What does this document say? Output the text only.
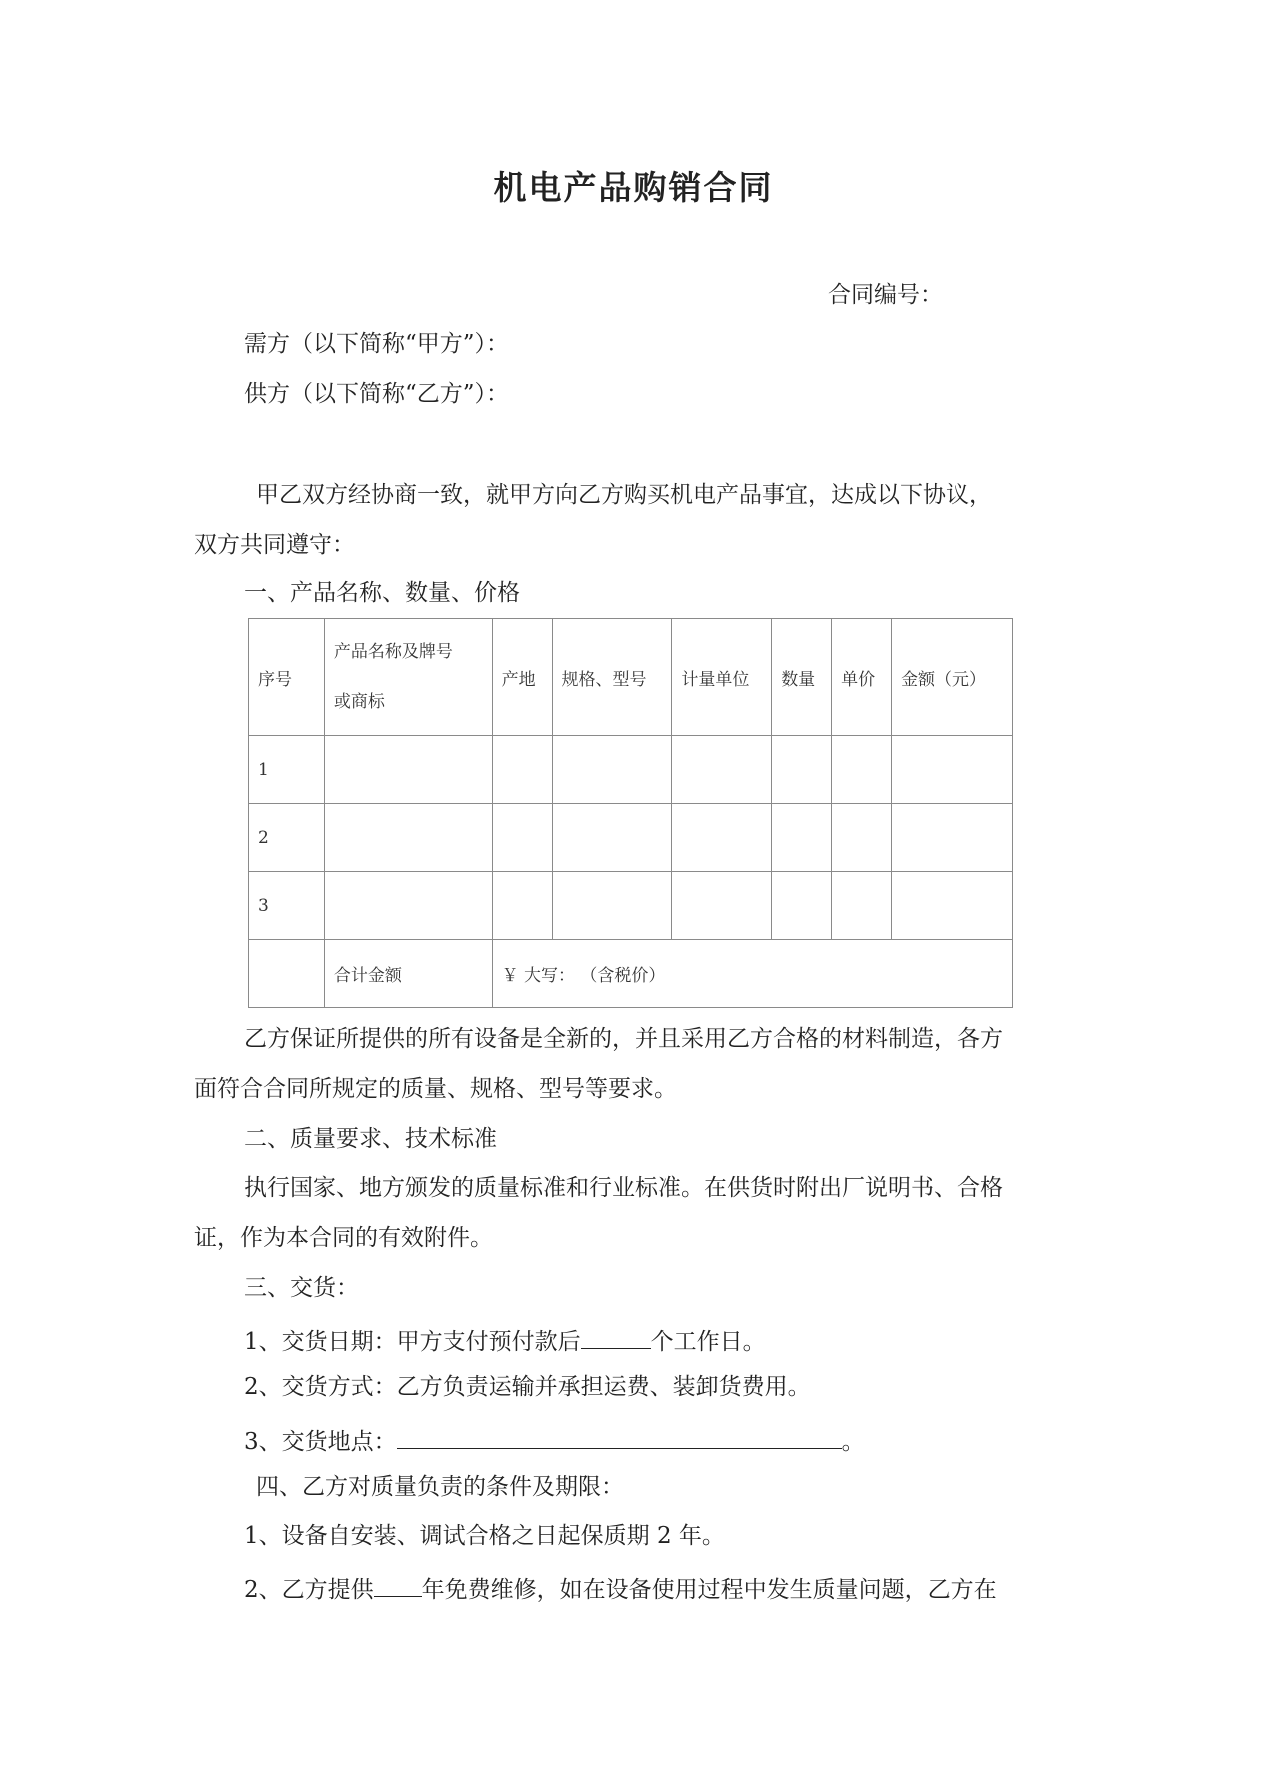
机电产品购销合同
合同编号：
需方（以下简称“甲方”）：
供方（以下简称“乙方”）：
甲乙双方经协商一致，就甲方向乙方购买机电产品事宜，达成以下协议，
双方共同遵守：
一、产品名称、数量、价格
序号	产品名称及牌号
或商标	产地	规格、型号	计量单位	数量	单价	金额（元）
1							
2							
3							
	合计金额	￥ 大写： （含税价）					
乙方保证所提供的所有设备是全新的，并且采用乙方合格的材料制造，各方
面符合合同所规定的质量、规格、型号等要求。
二、质量要求、技术标准
执行国家、地方颁发的质量标准和行业标准。在供货时附出厂说明书、合格
证，作为本合同的有效附件。
三、交货：
1、交货日期：甲方支付预付款后	个工作日。
2、交货方式：乙方负责运输并承担运费、装卸货费用。
3、交货地点：	。
四、乙方对质量负责的条件及期限：
1、设备自安装、调试合格之日起保质期 2 年。
2、乙方提供 年免费维修，如在设备使用过程中发生质量问题，乙方在
